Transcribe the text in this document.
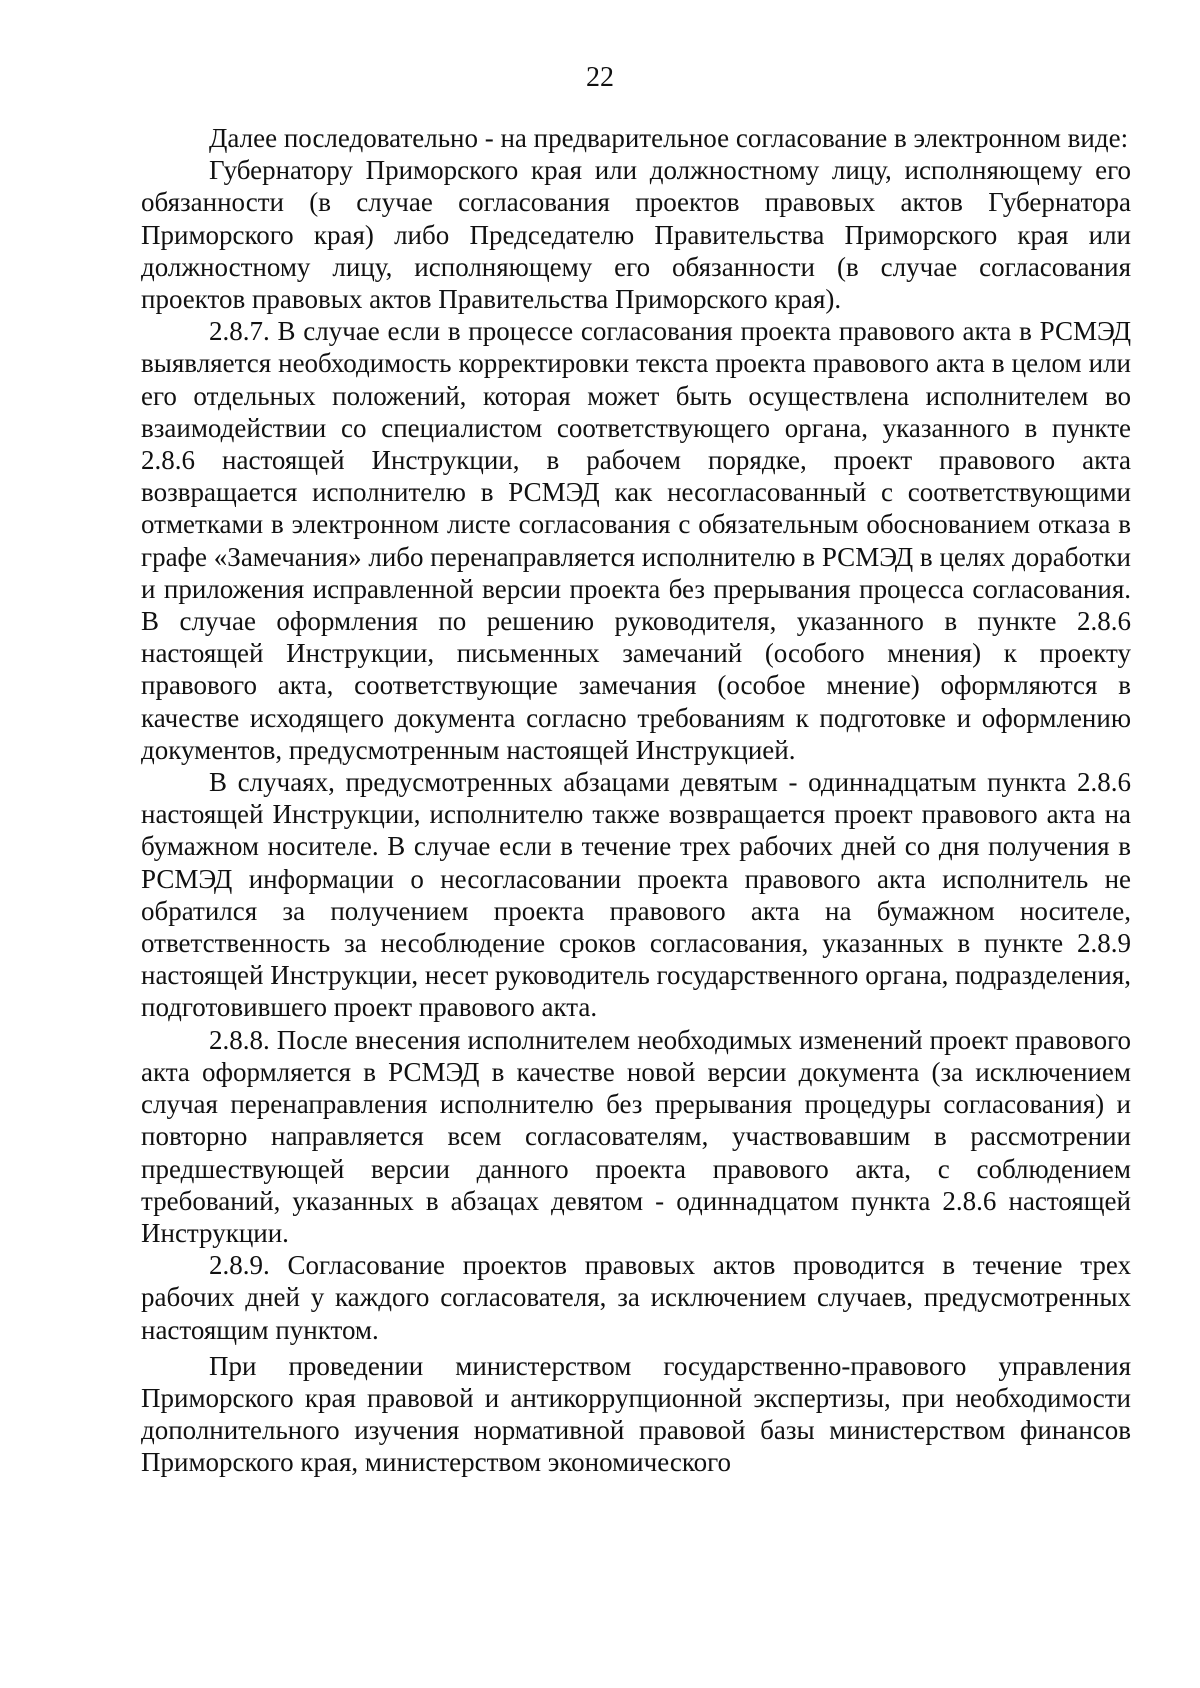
22

Далее последовательно - на предварительное согласование в электронном виде:

Губернатору Приморского края или должностному лицу, исполняющему его обязанности (в случае согласования проектов правовых актов Губернатора Приморского края) либо Председателю Правительства Приморского края или должностному лицу, исполняющему его обязанности (в случае согласования проектов правовых актов Правительства Приморского края).

2.8.7. В случае если в процессе согласования проекта правового акта в РСМЭД выявляется необходимость корректировки текста проекта правового акта в целом или его отдельных положений, которая может быть осуществлена исполнителем во взаимодействии со специалистом соответствующего органа, указанного в пункте 2.8.6 настоящей Инструкции, в рабочем порядке, проект правового акта возвращается исполнителю в РСМЭД как несогласованный с соответствующими отметками в электронном листе согласования с обязательным обоснованием отказа в графе «Замечания» либо перенаправляется исполнителю в РСМЭД в целях доработки и приложения исправленной версии проекта без прерывания процесса согласования. В случае оформления по решению руководителя, указанного в пункте 2.8.6 настоящей Инструкции, письменных замечаний (особого мнения) к проекту правового акта, соответствующие замечания (особое мнение) оформляются в качестве исходящего документа согласно требованиям к подготовке и оформлению документов, предусмотренным настоящей Инструкцией.

В случаях, предусмотренных абзацами девятым - одиннадцатым пункта 2.8.6 настоящей Инструкции, исполнителю также возвращается проект правового акта на бумажном носителе. В случае если в течение трех рабочих дней со дня получения в РСМЭД информации о несогласовании проекта правового акта исполнитель не обратился за получением проекта правового акта на бумажном носителе, ответственность за несоблюдение сроков согласования, указанных в пункте 2.8.9 настоящей Инструкции, несет руководитель государственного органа, подразделения, подготовившего проект правового акта.

2.8.8. После внесения исполнителем необходимых изменений проект правового акта оформляется в РСМЭД в качестве новой версии документа (за исключением случая перенаправления исполнителю без прерывания процедуры согласования) и повторно направляется всем согласователям, участвовавшим в рассмотрении предшествующей версии данного проекта правового акта, с соблюдением требований, указанных в абзацах девятом - одиннадцатом пункта 2.8.6 настоящей Инструкции.

2.8.9. Согласование проектов правовых актов проводится в течение трех рабочих дней у каждого согласователя, за исключением случаев, предусмотренных настоящим пунктом.

При проведении министерством государственно-правового управления Приморского края правовой и антикоррупционной экспертизы, при необходимости дополнительного изучения нормативной правовой базы министерством финансов Приморского края, министерством экономического
